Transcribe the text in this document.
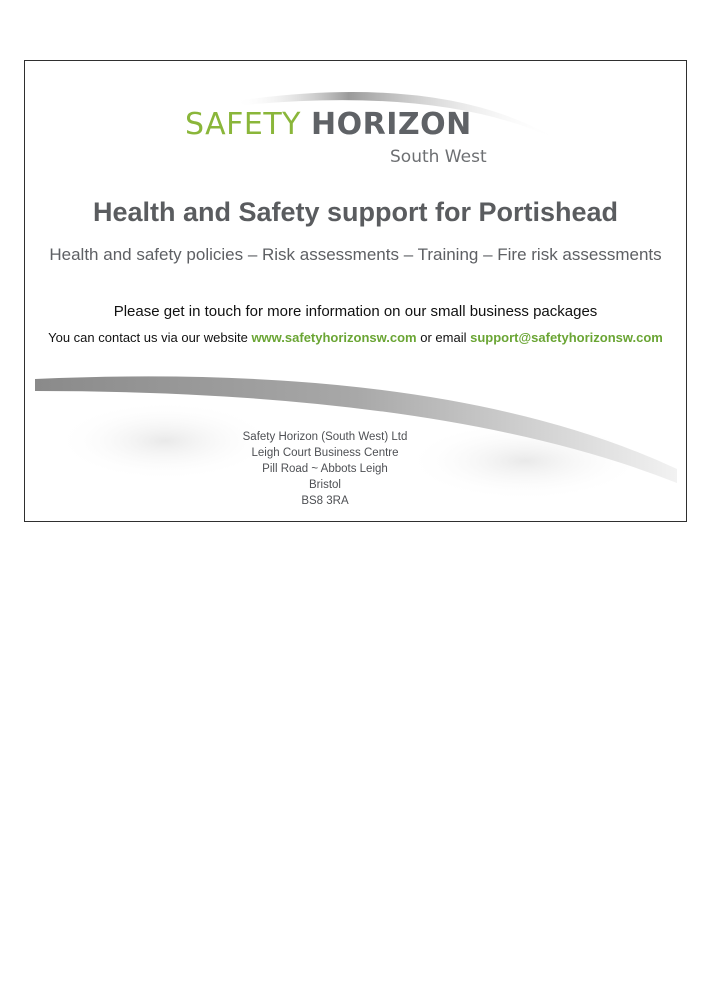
SAFETY HORIZON
South West
Health and Safety support for Portishead
Health and safety policies – Risk assessments – Training – Fire risk assessments
Please get in touch for more information on our small business packages
You can contact us via our website www.safetyhorizonsw.com or email support@safetyhorizonsw.com
Safety Horizon (South West) Ltd
Leigh Court Business Centre
Pill Road ~ Abbots Leigh
Bristol
BS8 3RA
